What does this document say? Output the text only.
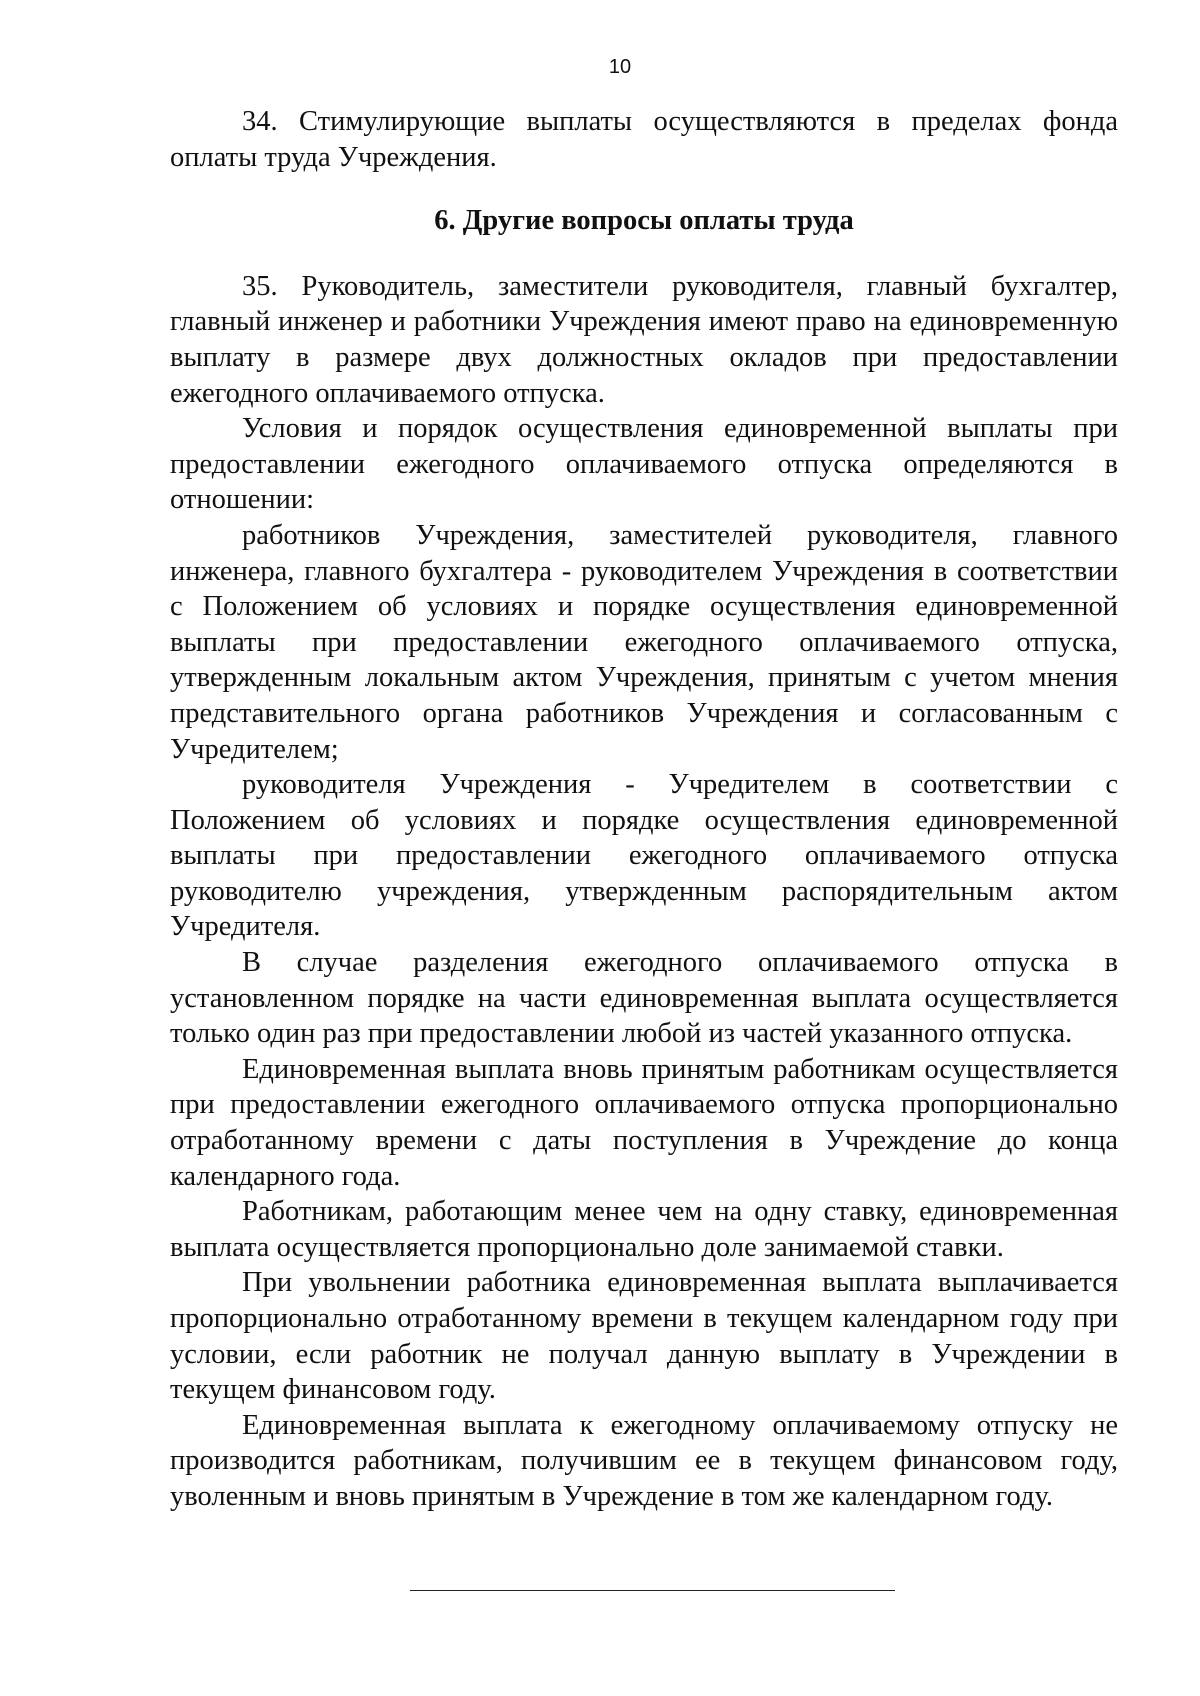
10

34. Стимулирующие выплаты осуществляются в пределах фонда оплаты труда Учреждения.

6. Другие вопросы оплаты труда

35. Руководитель, заместители руководителя, главный бухгалтер, главный инженер и работники Учреждения имеют право на единовременную выплату в размере двух должностных окладов при предоставлении ежегодного оплачиваемого отпуска.

Условия и порядок осуществления единовременной выплаты при предоставлении ежегодного оплачиваемого отпуска определяются в отношении:

работников Учреждения, заместителей руководителя, главного инженера, главного бухгалтера - руководителем Учреждения в соответствии с Положением об условиях и порядке осуществления единовременной выплаты при предоставлении ежегодного оплачиваемого отпуска, утвержденным локальным актом Учреждения, принятым с учетом мнения представительного органа работников Учреждения и согласованным с Учредителем;

руководителя Учреждения - Учредителем в соответствии с Положением об условиях и порядке осуществления единовременной выплаты при предоставлении ежегодного оплачиваемого отпуска руководителю учреждения, утвержденным распорядительным актом Учредителя.

В случае разделения ежегодного оплачиваемого отпуска в установленном порядке на части единовременная выплата осуществляется только один раз при предоставлении любой из частей указанного отпуска.

Единовременная выплата вновь принятым работникам осуществляется при предоставлении ежегодного оплачиваемого отпуска пропорционально отработанному времени с даты поступления в Учреждение до конца календарного года.

Работникам, работающим менее чем на одну ставку, единовременная выплата осуществляется пропорционально доле занимаемой ставки.

При увольнении работника единовременная выплата выплачивается пропорционально отработанному времени в текущем календарном году при условии, если работник не получал данную выплату в Учреждении в текущем финансовом году.

Единовременная выплата к ежегодному оплачиваемому отпуску не производится работникам, получившим ее в текущем финансовом году, уволенным и вновь принятым в Учреждение в том же календарном году.
